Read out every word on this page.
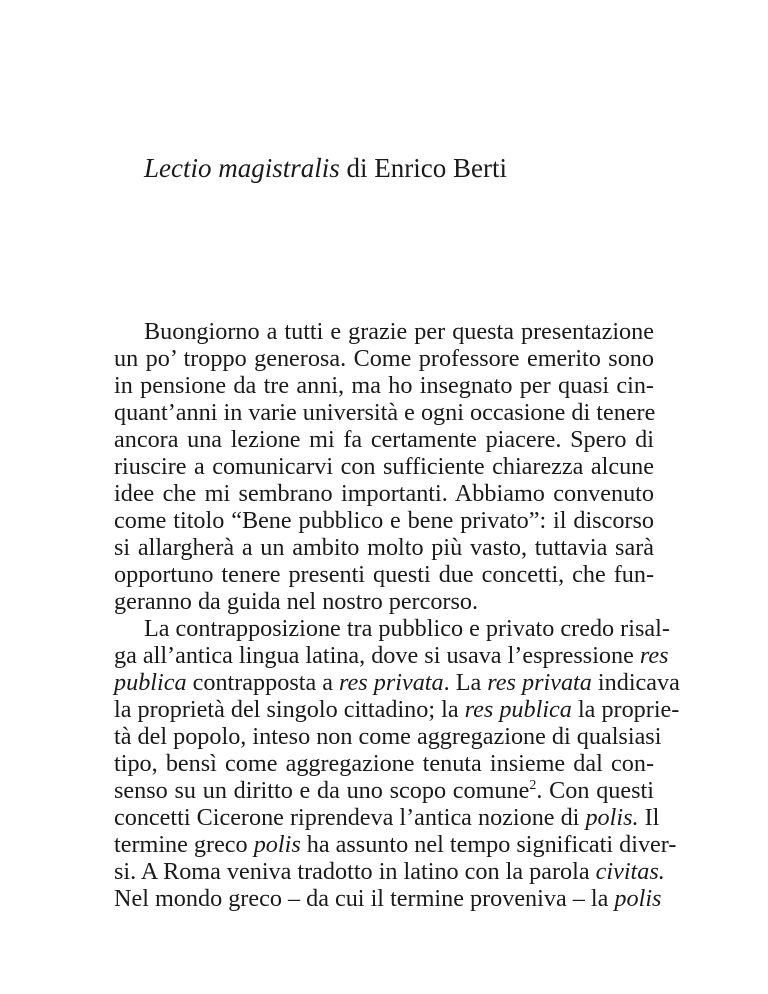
Lectio magistralis di Enrico Berti
Buongiorno a tutti e grazie per questa presentazione
un po’ troppo generosa. Come professore emerito sono
in pensione da tre anni, ma ho insegnato per quasi cin-
quant’anni in varie università e ogni occasione di tenere
ancora una lezione mi fa certamente piacere. Spero di
riuscire a comunicarvi con sufficiente chiarezza alcune
idee che mi sembrano importanti. Abbiamo convenuto
come titolo “Bene pubblico e bene privato”: il discorso
si allargherà a un ambito molto più vasto, tuttavia sarà
opportuno tenere presenti questi due concetti, che fun-
geranno da guida nel nostro percorso.
La contrapposizione tra pubblico e privato credo risal-
ga all’antica lingua latina, dove si usava l’espressione res
publica contrapposta a res privata. La res privata indicava
la proprietà del singolo cittadino; la res publica la proprie-
tà del popolo, inteso non come aggregazione di qualsiasi
tipo, bensì come aggregazione tenuta insieme dal con-
senso su un diritto e da uno scopo comune$^2$. Con questi
concetti Cicerone riprendeva l’antica nozione di polis. Il
termine greco polis ha assunto nel tempo significati diver-
si. A Roma veniva tradotto in latino con la parola civitas.
Nel mondo greco – da cui il termine proveniva – la polis
